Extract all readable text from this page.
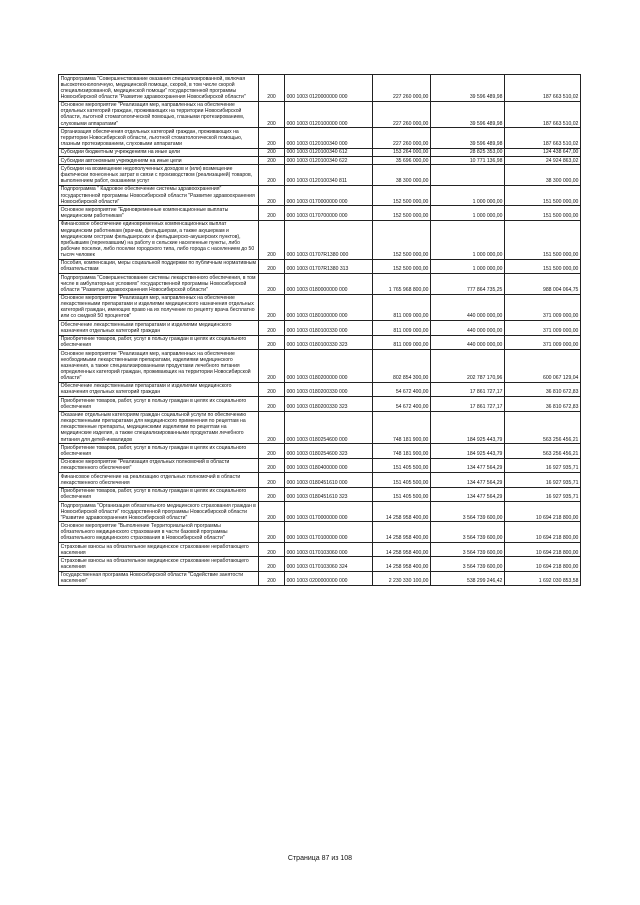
Подпрограмма "Совершенствование оказания специализированной, включая высокотехнологичную, медицинской помощи, скорой, в том числе скорой специализированной, медицинской помощи" государственной программы Новосибирской области "Развитие здравоохранения Новосибирской области"	200	000 1003 0120000000 000	227 260 000,00	39 596 489,98	187 663 510,02
Основное мероприятие "Реализация мер, направленных на обеспечение отдельных категорий граждан, проживающих на территории Новосибирской области, льготной стоматологической помощью, глазными протезированием, слуховыми аппаратами"	200	000 1003 0120100000 000	227 260 000,00	39 596 489,98	187 663 510,02
Организация обеспечения отдельных категорий граждан, проживающих на территории Новосибирской области, льготной стоматологической помощью, глазным протезированием, слуховыми аппаратами	200	000 1003 0120100340 000	227 260 000,00	39 596 489,98	187 663 510,02
Субсидии бюджетным учреждениям на иные цели	200	000 1003 0120100340 612	153 264 000,00	28 825 353,00	124 438 647,00
Субсидии автономным учреждениям на иные цели	200	000 1003 0120100340 622	35 696 000,00	10 771 136,98	24 924 863,02
Субсидии на возмещение недополученных доходов и (или) возмещение фактически понесенных затрат в связи с производством (реализацией) товаров, выполнением работ, оказанием услуг	200	000 1003 0120100340 811	38 300 000,00		38 300 000,00
Подпрограмма " Кадровое обеспечение системы здравоохранения" государственной программы Новосибирской области "Развитие здравоохранения Новосибирской области"	200	000 1003 0170000000 000	152 500 000,00	1 000 000,00	151 500 000,00
Основное мероприятие "Единовременные компенсационные выплаты медицинским работникам"	200	000 1003 0170700000 000	152 500 000,00	1 000 000,00	151 500 000,00
Финансовое обеспечение единовременных компенсационных выплат медицинским работникам (врачам, фельдшерам, а также акушеркам и медицинским сестрам фельдшерских и фельдшерско-акушерских пунктов), прибывшим (переехавшим) на работу в сельские населенные пункты, либо рабочие поселки, либо поселки городского типа, либо города с населением до 50 тысяч человек	200	000 1003 01707R1380 000	152 500 000,00	1 000 000,00	151 500 000,00
Пособия, компенсации, меры социальной поддержки по публичным нормативным обязательствам	200	000 1003 01707R1380 313	152 500 000,00	1 000 000,00	151 500 000,00
Подпрограмма "Совершенствование системы лекарственного обеспечения, в том числе в амбулаторных условиях" государственной программы Новосибирской области "Развитие здравоохранения Новосибирской области"	200	000 1003 0180000000 000	1 765 968 800,00	777 864 735,25	988 004 064,75
Основное мероприятие "Реализация мер, направленных на обеспечение лекарственными препаратами и изделиями медицинского назначения отдельных категорий граждан, имеющих право на их получение по рецепту врача бесплатно или со скидкой 50 процентов"	200	000 1003 0180100000 000	811 009 000,00	440 000 000,00	371 009 000,00
Обеспечение лекарственными препаратами и изделиями медицинского назначения отдельных категорий граждан	200	000 1003 0180100330 000	811 009 000,00	440 000 000,00	371 009 000,00
Приобретение товаров, работ, услуг в пользу граждан в целях их социального обеспечения	200	000 1003 0180100330 323	811 009 000,00	440 000 000,00	371 009 000,00
Основное мероприятие "Реализация мер, направленных на обеспечение необходимыми лекарственными препаратами, изделиями медицинского назначения, а также специализированными продуктами лечебного питания определенных категорий граждан, проживающих на территории Новосибирской области"	200	000 1003 0180200000 000	802 854 300,00	202 787 170,96	600 067 129,04
Обеспечение лекарственными препаратами и изделиями медицинского назначения отдельных категорий граждан	200	000 1003 0180200330 000	54 672 400,00	17 861 727,17	36 810 672,83
Приобретение товаров, работ, услуг в пользу граждан в целях их социального обеспечения	200	000 1003 0180200330 323	54 672 400,00	17 861 727,17	36 810 672,83
Оказание отдельным категориям граждан социальной услуги по обеспечению лекарственными препаратами для медицинского применения по рецептам на лекарственные препараты, медицинскими изделиями по рецептам на медицинские изделия, а также специализированными продуктами лечебного питания для детей-инвалидов	200	000 1003 0180254600 000	748 181 900,00	184 925 443,79	563 256 456,21
Приобретение товаров, работ, услуг в пользу граждан в целях их социального обеспечения	200	000 1003 0180254600 323	748 181 900,00	184 925 443,79	563 256 456,21
Основное мероприятие "Реализация отдельных полномочий в области лекарственного обеспечения"	200	000 1003 0180400000 000	151 405 500,00	134 477 564,29	16 927 935,71
Финансовое обеспечение на реализацию отдельных полномочий в области лекарственного обеспечения	200	000 1003 0180451610 000	151 405 500,00	134 477 564,29	16 927 935,71
Приобретение товаров, работ, услуг в пользу граждан в целях их социального обеспечения	200	000 1003 0180451610 323	151 405 500,00	134 477 564,29	16 927 935,71
Подпрограмма "Организация обязательного медицинского страхования граждан в Новосибирской области" государственной программы Новосибирской области "Развитие здравоохранения Новосибирской области"	200	000 1003 0170000000 000	14 258 958 400,00	3 564 739 600,00	10 694 218 800,00
Основное мероприятие "Выполнение Территориальной программы обязательного медицинского страхования в части базовой программы обязательного медицинского страхования в Новосибирской области"	200	000 1003 0170100000 000	14 258 958 400,00	3 564 739 600,00	10 694 218 800,00
Страховые взносы на обязательное медицинское страхование неработающего населения	200	000 1003 0170103060 000	14 258 958 400,00	3 564 739 600,00	10 694 218 800,00
Страховые взносы на обязательное медицинское страхование неработающего населения	200	000 1003 0170103060 324	14 258 958 400,00	3 564 739 600,00	10 694 218 800,00
Государственная программа Новосибирской области "Содействие занятости населения"	200	000 1003 0200000000 000	2 230 330 100,00	538 299 246,42	1 692 030 853,58
Страница 87 из 108
